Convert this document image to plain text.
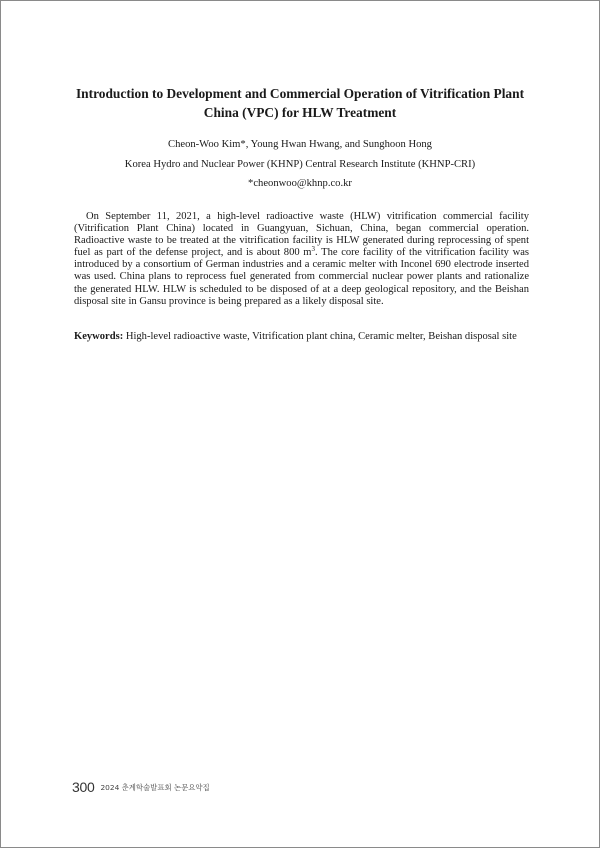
Introduction to Development and Commercial Operation of Vitrification Plant
China (VPC) for HLW Treatment

Cheon-Woo Kim*, Young Hwan Hwang, and Sunghoon Hong

Korea Hydro and Nuclear Power (KHNP) Central Research Institute (KHNP-CRI)

*cheonwoo@khnp.co.kr

On September 11, 2021, a high-level radioactive waste (HLW) vitrification commercial facility (Vitrification Plant China) located in Guangyuan, Sichuan, China, began commercial operation. Radioactive waste to be treated at the vitrification facility is HLW generated during reprocessing of spent fuel as part of the defense project, and is about 800 $m^3$. The core facility of the vitrification facility was introduced by a consortium of German industries and a ceramic melter with Inconel 690 electrode inserted was used. China plans to reprocess fuel generated from commercial nuclear power plants and rationalize the generated HLW. HLW is scheduled to be disposed of at a deep geological repository, and the Beishan disposal site in Gansu province is being prepared as a likely disposal site.

Keywords: High-level radioactive waste, Vitrification plant china, Ceramic melter, Beishan disposal site

300 2024 춘계학술발표회 논문요약집
